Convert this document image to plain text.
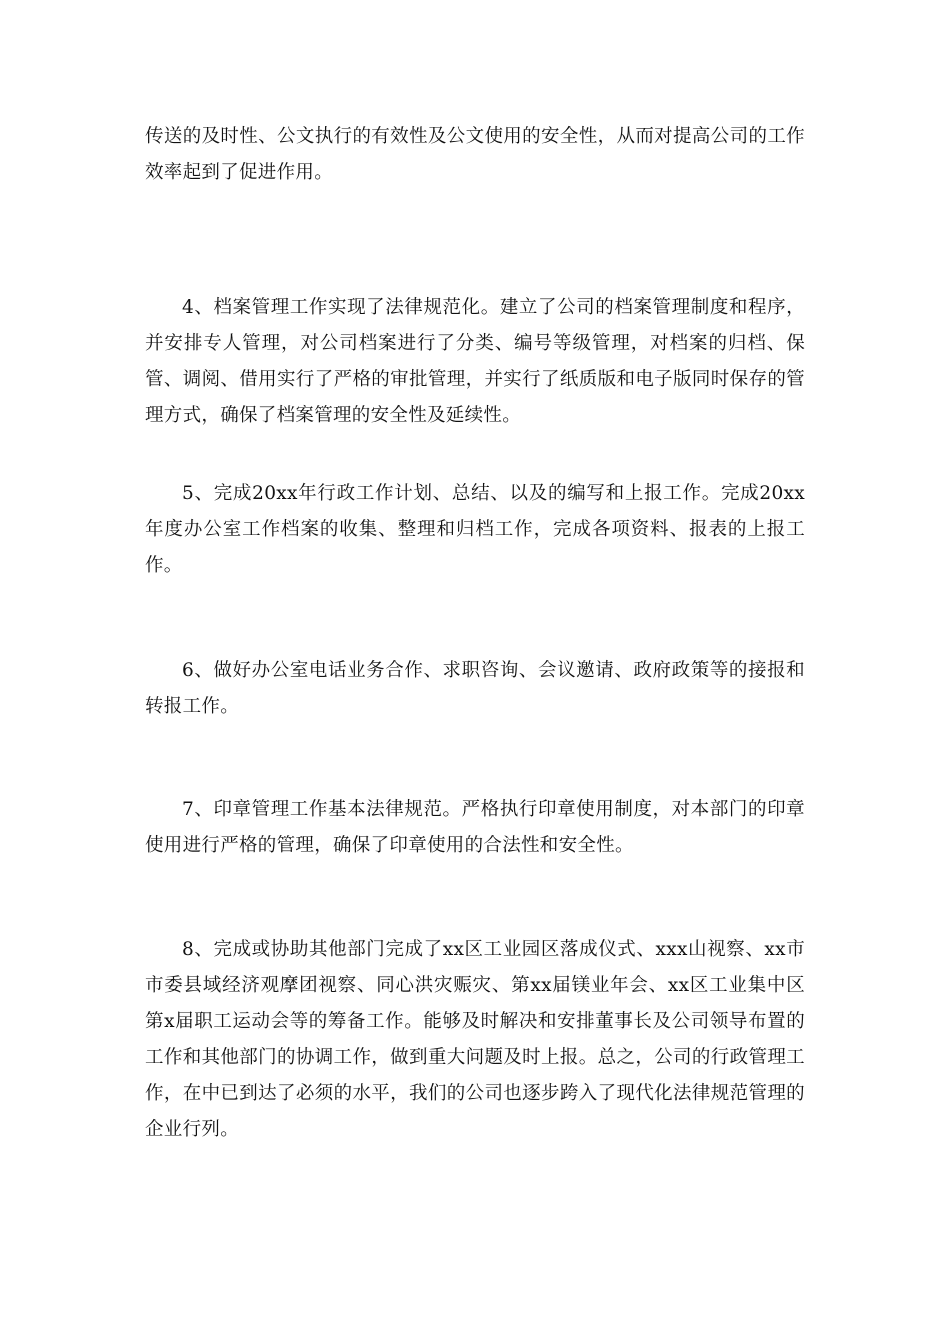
传送的及时性、公文执行的有效性及公文使用的安全性，从而对提高公司的工作效率起到了促进作用。

4、档案管理工作实现了法律规范化。建立了公司的档案管理制度和程序，并安排专人管理，对公司档案进行了分类、编号等级管理，对档案的归档、保管、调阅、借用实行了严格的审批管理，并实行了纸质版和电子版同时保存的管理方式，确保了档案管理的安全性及延续性。

5、完成20xx年行政工作计划、总结、以及的编写和上报工作。完成20xx年度办公室工作档案的收集、整理和归档工作，完成各项资料、报表的上报工作。

6、做好办公室电话业务合作、求职咨询、会议邀请、政府政策等的接报和转报工作。

7、印章管理工作基本法律规范。严格执行印章使用制度，对本部门的印章使用进行严格的管理，确保了印章使用的合法性和安全性。

8、完成或协助其他部门完成了xx区工业园区落成仪式、xxx山视察、xx市市委县域经济观摩团视察、同心洪灾赈灾、第xx届镁业年会、xx区工业集中区第x届职工运动会等的筹备工作。能够及时解决和安排董事长及公司领导布置的工作和其他部门的协调工作，做到重大问题及时上报。总之，公司的行政管理工作，在中已到达了必须的水平，我们的公司也逐步跨入了现代化法律规范管理的企业行列。
